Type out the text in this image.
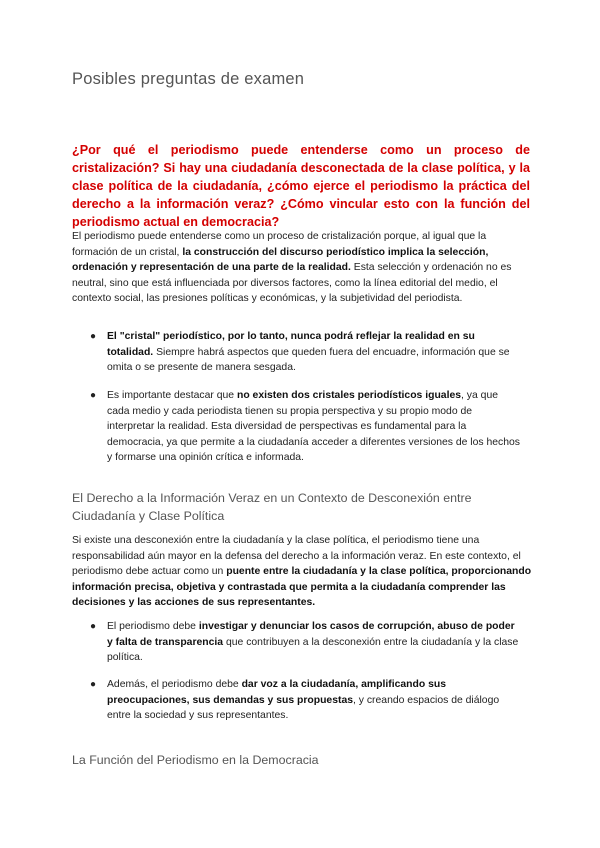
Posibles preguntas de examen

¿Por qué el periodismo puede entenderse como un proceso de cristalización? Si hay una ciudadanía desconectada de la clase política, y la clase política de la ciudadanía, ¿cómo ejerce el periodismo la práctica del derecho a la información veraz? ¿Cómo vincular esto con la función del periodismo actual en democracia?

El periodismo puede entenderse como un proceso de cristalización porque, al igual que la formación de un cristal, la construcción del discurso periodístico implica la selección, ordenación y representación de una parte de la realidad. Esta selección y ordenación no es neutral, sino que está influenciada por diversos factores, como la línea editorial del medio, el contexto social, las presiones políticas y económicas, y la subjetividad del periodista.

● El "cristal" periodístico, por lo tanto, nunca podrá reflejar la realidad en su totalidad. Siempre habrá aspectos que queden fuera del encuadre, información que se omita o se presente de manera sesgada.
● Es importante destacar que no existen dos cristales periodísticos iguales, ya que cada medio y cada periodista tienen su propia perspectiva y su propio modo de interpretar la realidad. Esta diversidad de perspectivas es fundamental para la democracia, ya que permite a la ciudadanía acceder a diferentes versiones de los hechos y formarse una opinión crítica e informada.
El Derecho a la Información Veraz en un Contexto de Desconexión entre Ciudadanía y Clase Política

Si existe una desconexión entre la ciudadanía y la clase política, el periodismo tiene una responsabilidad aún mayor en la defensa del derecho a la información veraz. En este contexto, el periodismo debe actuar como un puente entre la ciudadanía y la clase política, proporcionando información precisa, objetiva y contrastada que permita a la ciudadanía comprender las decisiones y las acciones de sus representantes.

● El periodismo debe investigar y denunciar los casos de corrupción, abuso de poder y falta de transparencia que contribuyen a la desconexión entre la ciudadanía y la clase política.
● Además, el periodismo debe dar voz a la ciudadanía, amplificando sus preocupaciones, sus demandas y sus propuestas, y creando espacios de diálogo entre la sociedad y sus representantes.
La Función del Periodismo en la Democracia
